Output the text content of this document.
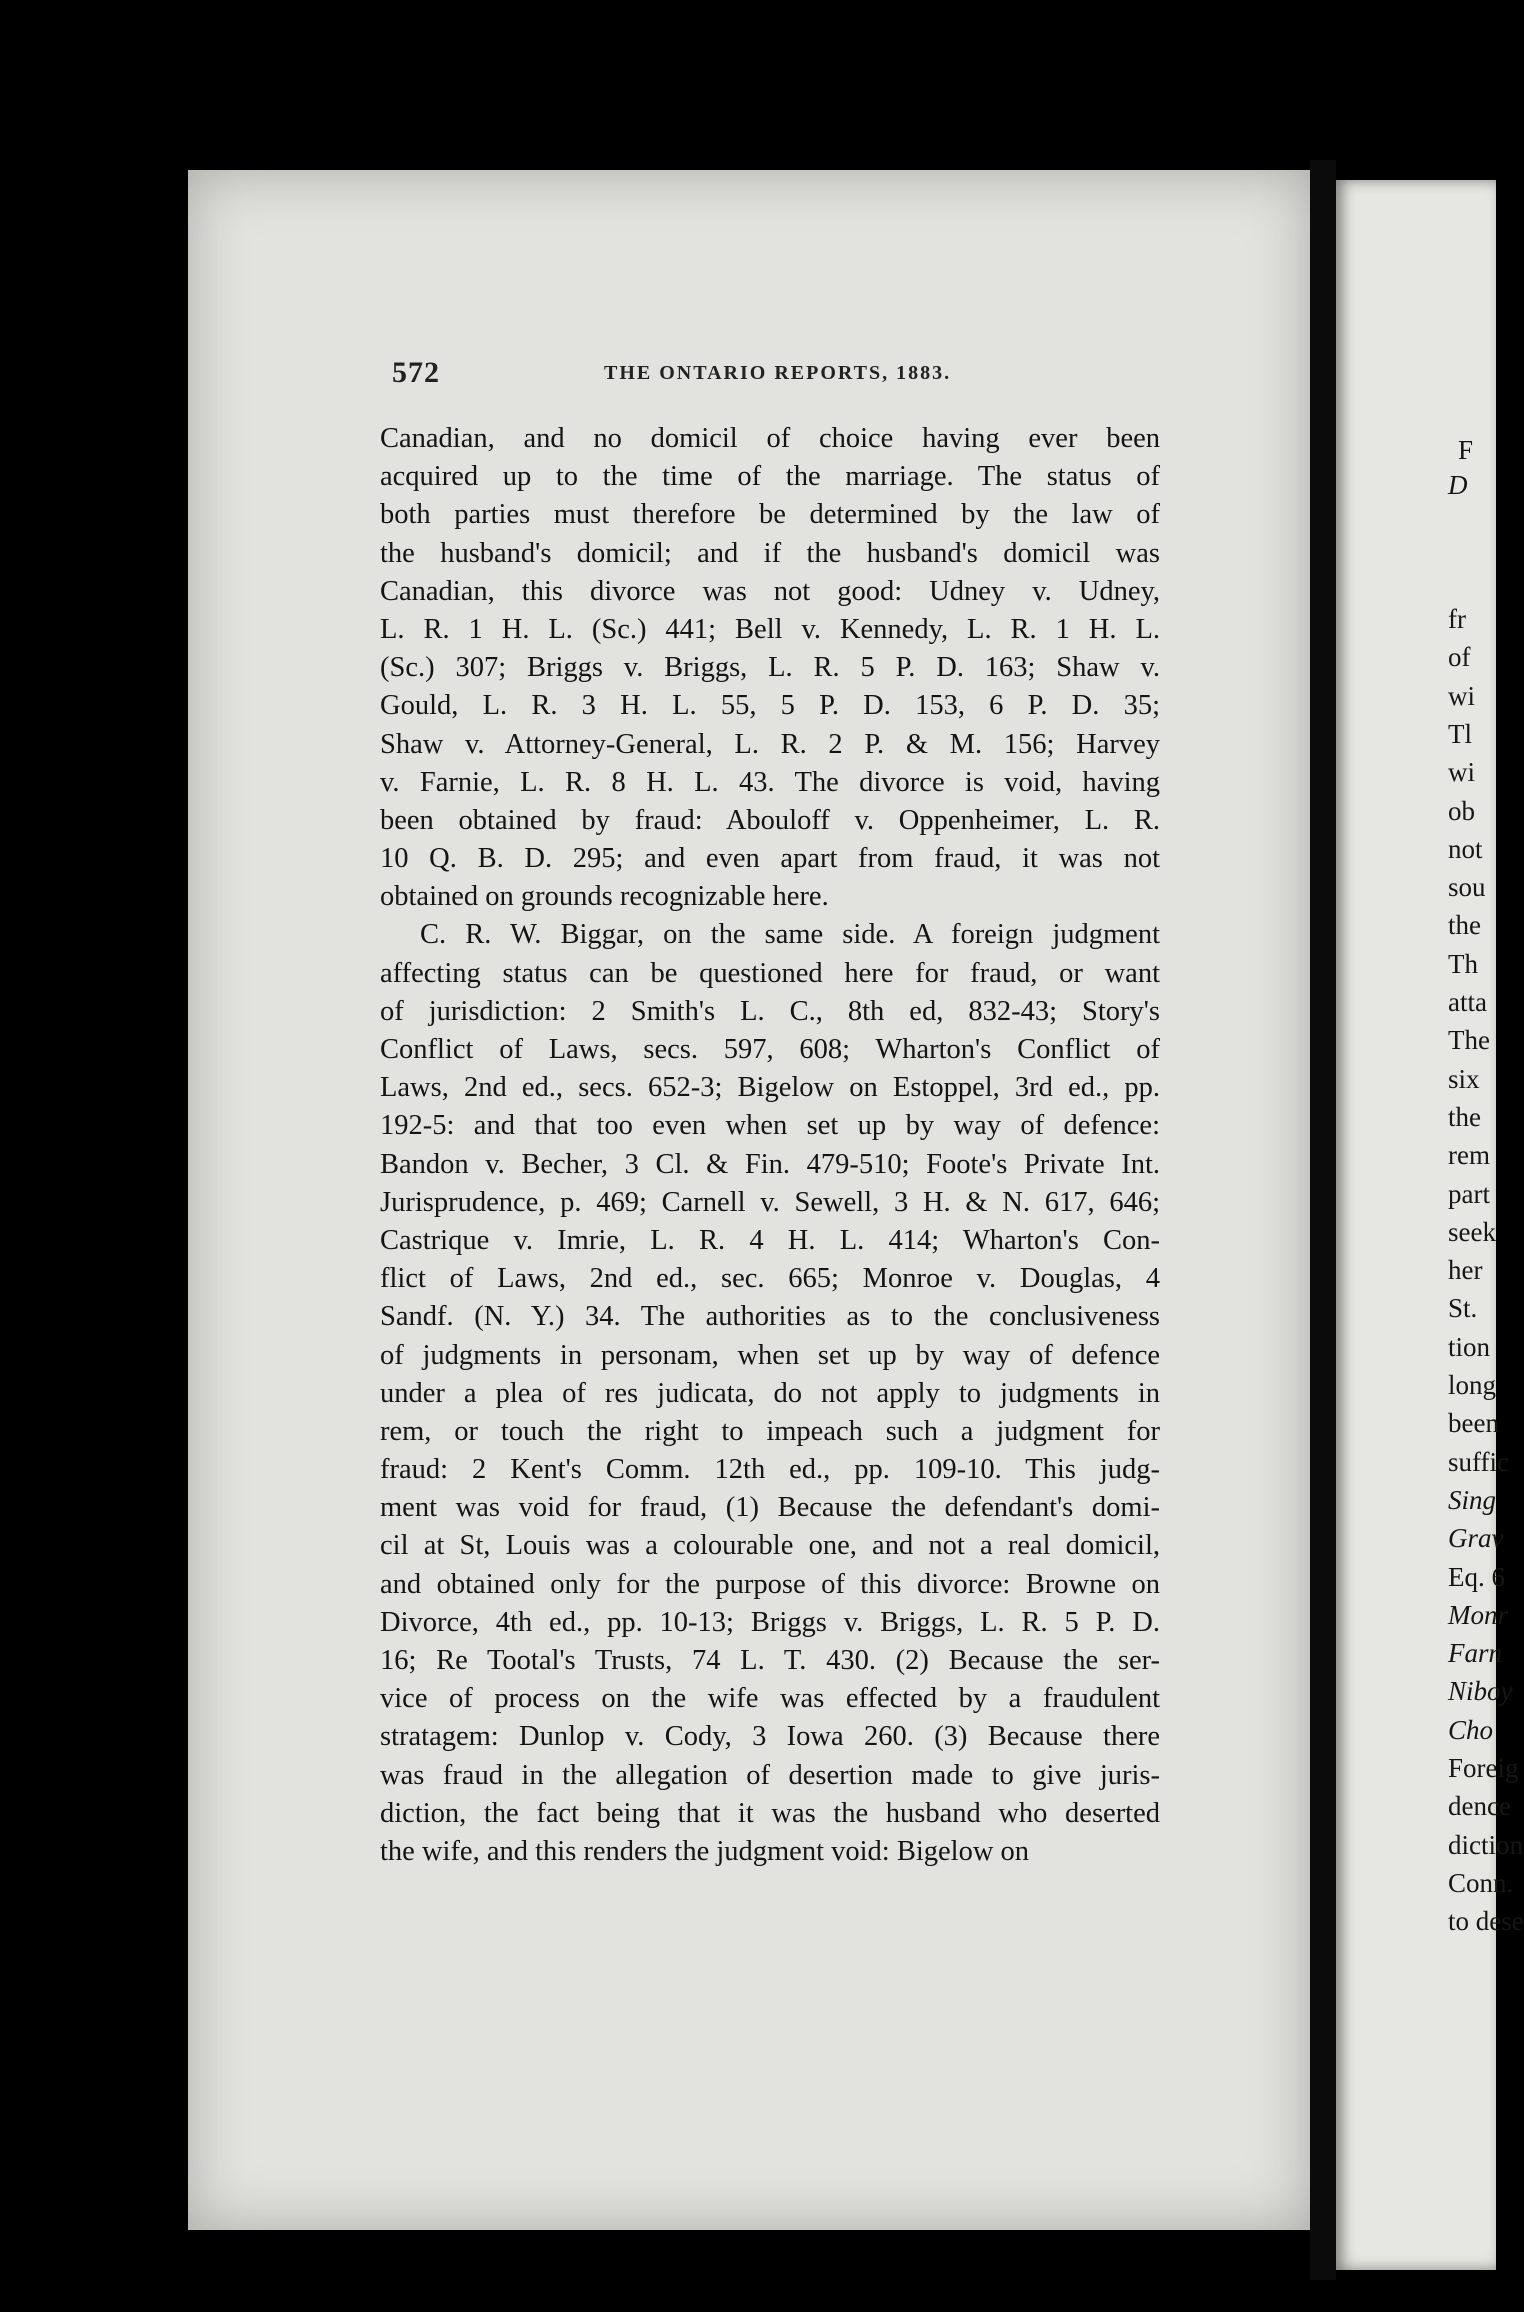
F
D
fr
of
wi
Tl
wi
ob
not
sou
the
Th
atta
The
six
the
rem
part
seek
her
St.
tion
long
been
suffic
Sing
Grav
Eq. 6
Monr
Farn
Niboy
Cho
Foreig
dence
diction
Conn.
to dese
572	THE ONTARIO REPORTS, 1883.
Canadian, and no domicil of choice having ever been
acquired up to the time of the marriage. The status of
both parties must therefore be determined by the law of
the husband's domicil; and if the husband's domicil was
Canadian, this divorce was not good: Udney v. Udney,
L. R. 1 H. L. (Sc.) 441; Bell v. Kennedy, L. R. 1 H. L.
(Sc.) 307; Briggs v. Briggs, L. R. 5 P. D. 163; Shaw v.
Gould, L. R. 3 H. L. 55, 5 P. D. 153, 6 P. D. 35;
Shaw v. Attorney-General, L. R. 2 P. & M. 156; Harvey
v. Farnie, L. R. 8 H. L. 43. The divorce is void, having
been obtained by fraud: Abouloff v. Oppenheimer, L. R.
10 Q. B. D. 295; and even apart from fraud, it was not
obtained on grounds recognizable here.
C. R. W. Biggar, on the same side. A foreign judgment
affecting status can be questioned here for fraud, or want
of jurisdiction: 2 Smith's L. C., 8th ed, 832-43; Story's
Conflict of Laws, secs. 597, 608; Wharton's Conflict of
Laws, 2nd ed., secs. 652-3; Bigelow on Estoppel, 3rd ed., pp.
192-5: and that too even when set up by way of defence:
Bandon v. Becher, 3 Cl. & Fin. 479-510; Foote's Private Int.
Jurisprudence, p. 469; Carnell v. Sewell, 3 H. & N. 617, 646;
Castrique v. Imrie, L. R. 4 H. L. 414; Wharton's Con-
flict of Laws, 2nd ed., sec. 665; Monroe v. Douglas, 4
Sandf. (N. Y.) 34. The authorities as to the conclusiveness
of judgments in personam, when set up by way of defence
under a plea of res judicata, do not apply to judgments in
rem, or touch the right to impeach such a judgment for
fraud: 2 Kent's Comm. 12th ed., pp. 109-10. This judg-
ment was void for fraud, (1) Because the defendant's domi-
cil at St, Louis was a colourable one, and not a real domicil,
and obtained only for the purpose of this divorce: Browne on
Divorce, 4th ed., pp. 10-13; Briggs v. Briggs, L. R. 5 P. D.
16; Re Tootal's Trusts, 74 L. T. 430. (2) Because the ser-
vice of process on the wife was effected by a fraudulent
stratagem: Dunlop v. Cody, 3 Iowa 260. (3) Because there
was fraud in the allegation of desertion made to give juris-
diction, the fact being that it was the husband who deserted
the wife, and this renders the judgment void: Bigelow on
